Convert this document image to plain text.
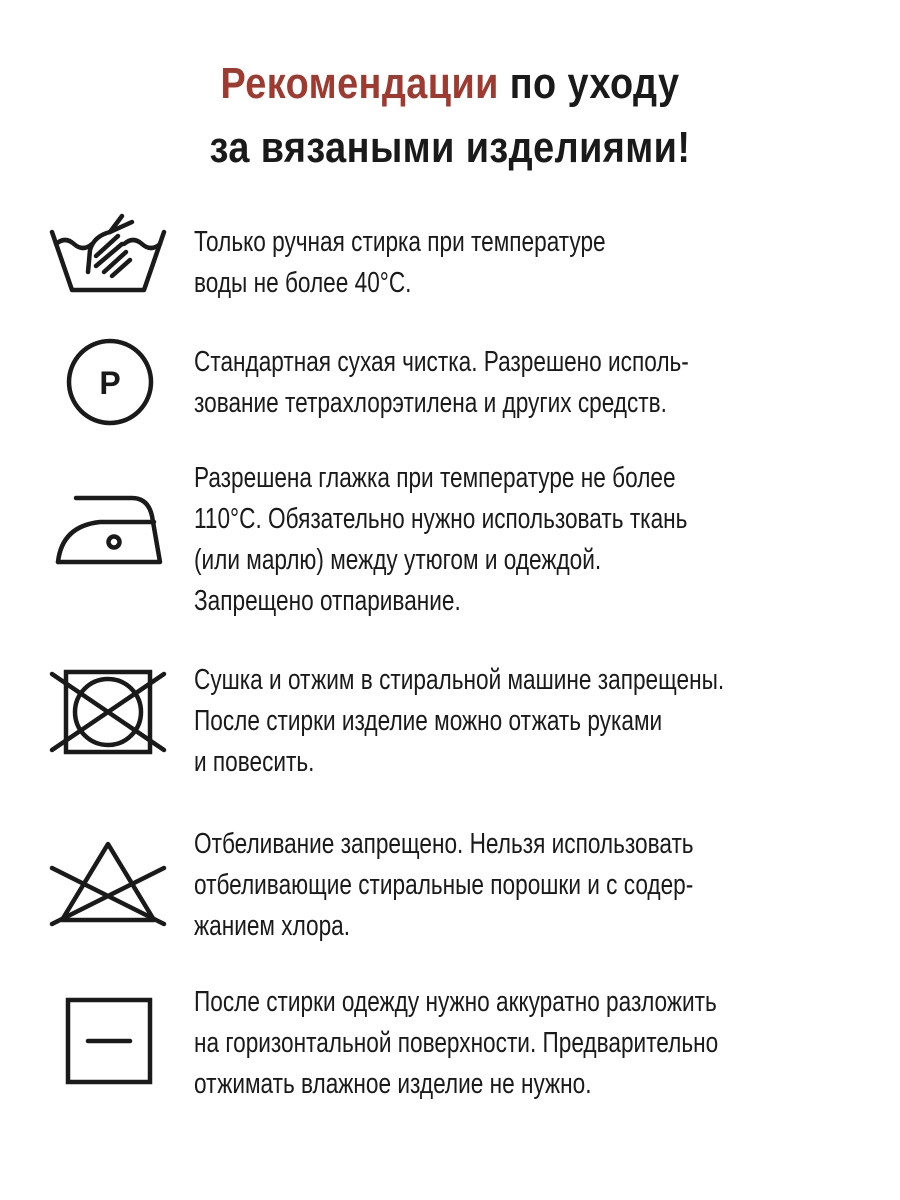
Рекомендации по уходу
за вязаными изделиями!
Только ручная стирка при температуре
воды не более 40°С.
P
Стандартная сухая чистка. Разрешено исполь-
зование тетрахлорэтилена и других средств.
Разрешена глажка при температуре не более
110°С. Обязательно нужно использовать ткань
(или марлю) между утюгом и одеждой.
Запрещено отпаривание.
Сушка и отжим в стиральной машине запрещены.
После стирки изделие можно отжать руками
и повесить.
Отбеливание запрещено. Нельзя использовать
отбеливающие стиральные порошки и с содер-
жанием хлора.
После стирки одежду нужно аккуратно разложить
на горизонтальной поверхности. Предварительно
отжимать влажное изделие не нужно.
